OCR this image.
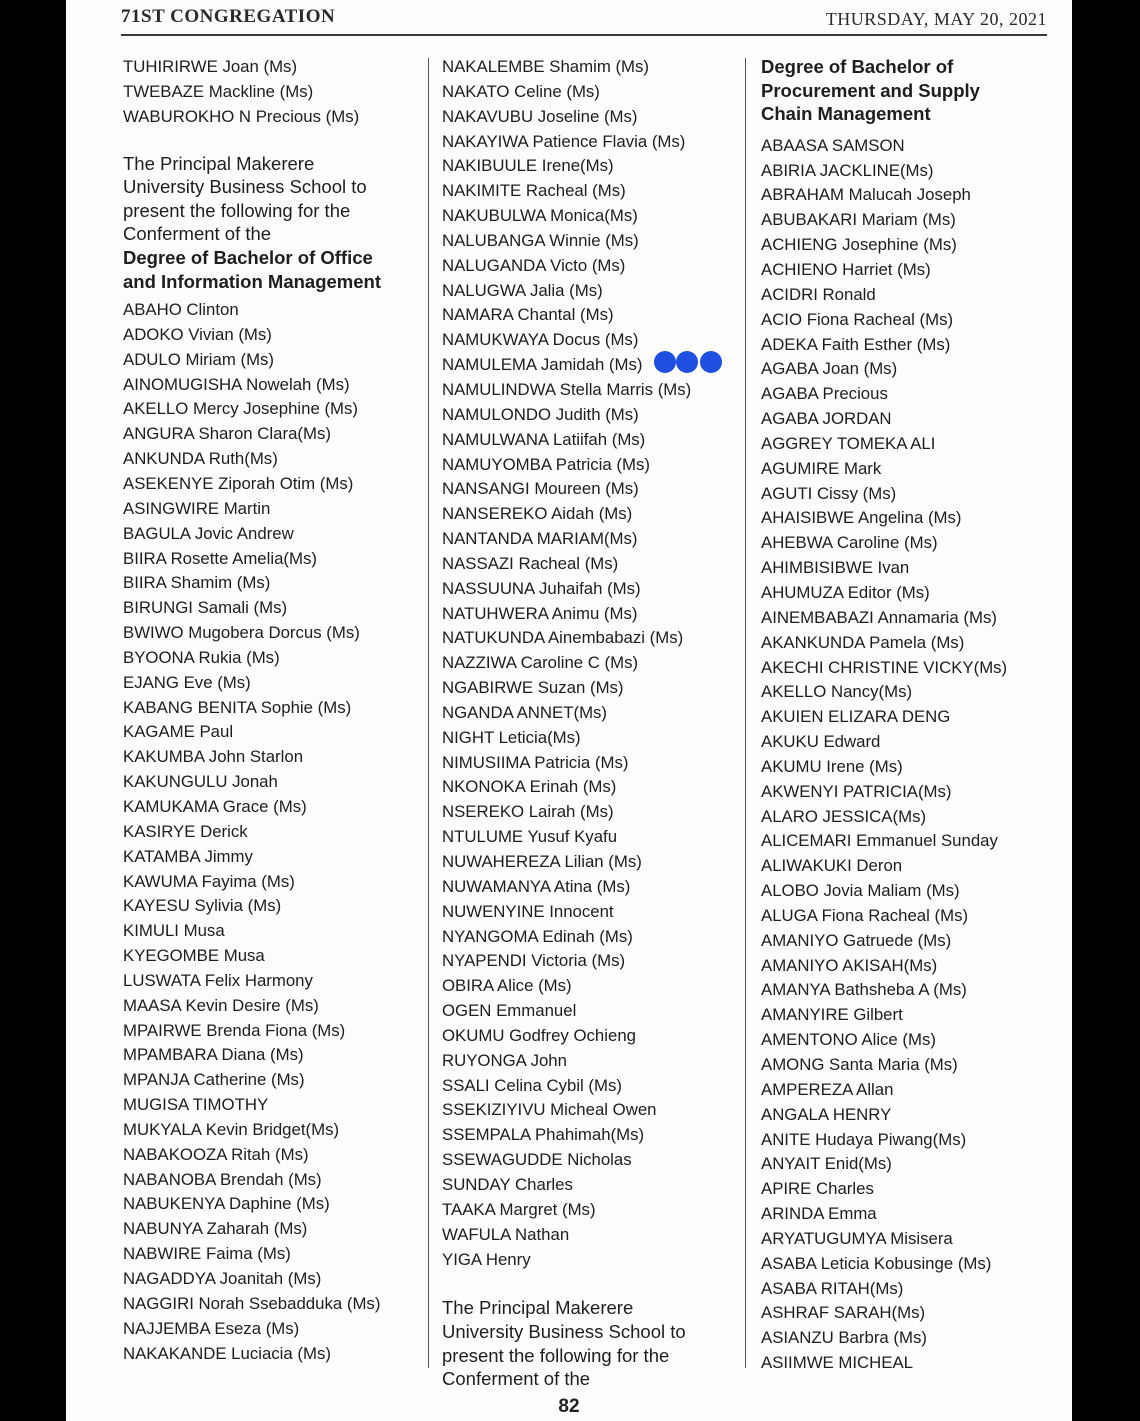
71ST CONGREGATION	THURSDAY, MAY 20, 2021
TUHIRIRWE Joan (Ms)
TWEBAZE Mackline (Ms)
WABUROKHO N Precious (Ms)
The Principal Makerere
University Business School to
present the following for the
Conferment of the
Degree of Bachelor of Office
and Information Management
ABAHO Clinton
ADOKO Vivian (Ms)
ADULO Miriam (Ms)
AINOMUGISHA Nowelah (Ms)
AKELLO Mercy Josephine (Ms)
ANGURA Sharon Clara(Ms)
ANKUNDA Ruth(Ms)
ASEKENYE Ziporah Otim (Ms)
ASINGWIRE Martin
BAGULA Jovic Andrew
BIIRA Rosette Amelia(Ms)
BIIRA Shamim (Ms)
BIRUNGI Samali (Ms)
BWIWO Mugobera Dorcus (Ms)
BYOONA Rukia (Ms)
EJANG Eve (Ms)
KABANG BENITA Sophie (Ms)
KAGAME Paul
KAKUMBA John Starlon
KAKUNGULU Jonah
KAMUKAMA Grace (Ms)
KASIRYE Derick
KATAMBA Jimmy
KAWUMA Fayima (Ms)
KAYESU Sylivia (Ms)
KIMULI Musa
KYEGOMBE Musa
LUSWATA Felix Harmony
MAASA Kevin Desire (Ms)
MPAIRWE Brenda Fiona (Ms)
MPAMBARA Diana (Ms)
MPANJA Catherine (Ms)
MUGISA TIMOTHY
MUKYALA Kevin Bridget(Ms)
NABAKOOZA Ritah (Ms)
NABANOBA Brendah (Ms)
NABUKENYA Daphine (Ms)
NABUNYA Zaharah (Ms)
NABWIRE Faima (Ms)
NAGADDYA Joanitah (Ms)
NAGGIRI Norah Ssebadduka (Ms)
NAJJEMBA Eseza (Ms)
NAKAKANDE Luciacia (Ms)
NAKALEMBE Shamim (Ms)
NAKATO Celine (Ms)
NAKAVUBU Joseline (Ms)
NAKAYIWA Patience Flavia (Ms)
NAKIBUULE Irene(Ms)
NAKIMITE Racheal (Ms)
NAKUBULWA Monica(Ms)
NALUBANGA Winnie (Ms)
NALUGANDA Victo (Ms)
NALUGWA Jalia (Ms)
NAMARA Chantal (Ms)
NAMUKWAYA Docus (Ms)
NAMULEMA Jamidah (Ms)
NAMULINDWA Stella Marris (Ms)
NAMULONDO Judith (Ms)
NAMULWANA Latiifah (Ms)
NAMUYOMBA Patricia (Ms)
NANSANGI Moureen (Ms)
NANSEREKO Aidah (Ms)
NANTANDA MARIAM(Ms)
NASSAZI Racheal (Ms)
NASSUUNA Juhaifah (Ms)
NATUHWERA Animu (Ms)
NATUKUNDA Ainembabazi (Ms)
NAZZIWA Caroline C (Ms)
NGABIRWE Suzan (Ms)
NGANDA ANNET(Ms)
NIGHT Leticia(Ms)
NIMUSIIMA Patricia (Ms)
NKONOKA Erinah (Ms)
NSEREKO Lairah (Ms)
NTULUME Yusuf Kyafu
NUWAHEREZA Lilian (Ms)
NUWAMANYA Atina (Ms)
NUWENYINE Innocent
NYANGOMA Edinah (Ms)
NYAPENDI Victoria (Ms)
OBIRA Alice (Ms)
OGEN Emmanuel
OKUMU Godfrey Ochieng
RUYONGA John
SSALI Celina Cybil (Ms)
SSEKIZIYIVU Micheal Owen
SSEMPALA Phahimah(Ms)
SSEWAGUDDE Nicholas
SUNDAY Charles
TAAKA Margret (Ms)
WAFULA Nathan
YIGA Henry
The Principal Makerere
University Business School to
present the following for the
Conferment of the
Degree of Bachelor of
Procurement and Supply
Chain Management
ABAASA SAMSON
ABIRIA JACKLINE(Ms)
ABRAHAM Malucah Joseph
ABUBAKARI Mariam (Ms)
ACHIENG Josephine (Ms)
ACHIENO Harriet (Ms)
ACIDRI Ronald
ACIO Fiona Racheal (Ms)
ADEKA Faith Esther (Ms)
AGABA Joan (Ms)
AGABA Precious
AGABA JORDAN
AGGREY TOMEKA ALI
AGUMIRE Mark
AGUTI Cissy (Ms)
AHAISIBWE Angelina (Ms)
AHEBWA Caroline (Ms)
AHIMBISIBWE Ivan
AHUMUZA Editor (Ms)
AINEMBABAZI Annamaria (Ms)
AKANKUNDA Pamela (Ms)
AKECHI CHRISTINE VICKY(Ms)
AKELLO Nancy(Ms)
AKUIEN ELIZARA DENG
AKUKU Edward
AKUMU Irene (Ms)
AKWENYI PATRICIA(Ms)
ALARO JESSICA(Ms)
ALICEMARI Emmanuel Sunday
ALIWAKUKI Deron
ALOBO Jovia Maliam (Ms)
ALUGA Fiona Racheal (Ms)
AMANIYO Gatruede (Ms)
AMANIYO AKISAH(Ms)
AMANYA Bathsheba A (Ms)
AMANYIRE Gilbert
AMENTONO Alice (Ms)
AMONG Santa Maria (Ms)
AMPEREZA Allan
ANGALA HENRY
ANITE Hudaya Piwang(Ms)
ANYAIT Enid(Ms)
APIRE Charles
ARINDA Emma
ARYATUGUMYA Misisera
ASABA Leticia Kobusinge (Ms)
ASABA RITAH(Ms)
ASHRAF SARAH(Ms)
ASIANZU Barbra (Ms)
ASIIMWE MICHEAL
82
